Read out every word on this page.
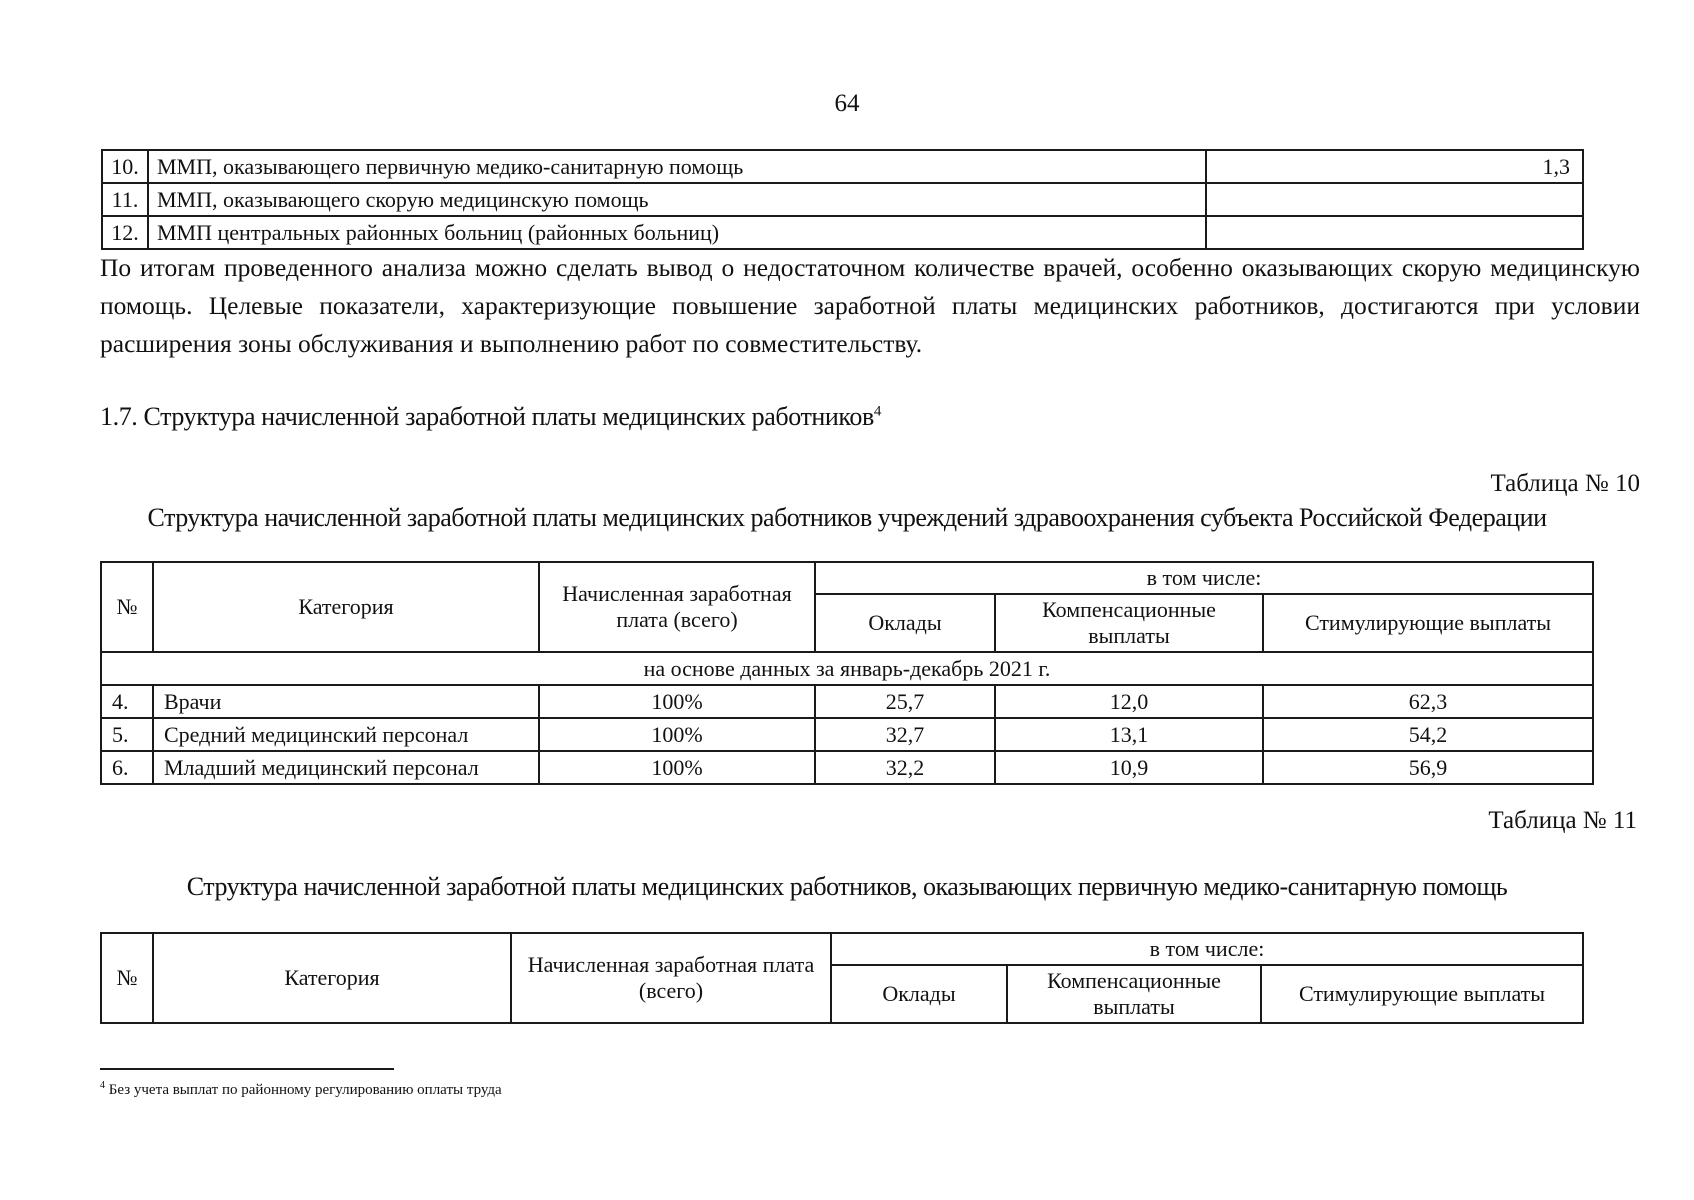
64
10.	ММП, оказывающего первичную медико-санитарную помощь	1,3
11.	ММП, оказывающего скорую медицинскую помощь	
12.	ММП центральных районных больниц (районных больниц)	
По итогам проведенного анализа можно сделать вывод о недостаточном количестве врачей, особенно оказывающих скорую медицинскую помощь. Целевые показатели, характеризующие повышение заработной платы медицинских работников, достигаются при условии расширения зоны обслуживания и выполнению работ по совместительству.
1.7. Структура начисленной заработной платы медицинских работников$^4$
Таблица № 10
Структура начисленной заработной платы медицинских работников учреждений здравоохранения субъекта Российской Федерации
№	Категория	Начисленная заработная плата (всего)	в том числе:		
			Оклады	Компенсационные выплаты	Стимулирующие выплаты
на основе данных за январь-декабрь 2021 г.					
4.	Врачи	100%	25,7	12,0	62,3
5.	Средний медицинский персонал	100%	32,7	13,1	54,2
6.	Младший медицинский персонал	100%	32,2	10,9	56,9
Таблица № 11
Структура начисленной заработной платы медицинских работников, оказывающих первичную медико-санитарную помощь
№	Категория	Начисленная заработная плата (всего)	в том числе:		
			Оклады	Компенсационные выплаты	Стимулирующие выплаты
$^4$ Без учета выплат по районному регулированию оплаты труда
